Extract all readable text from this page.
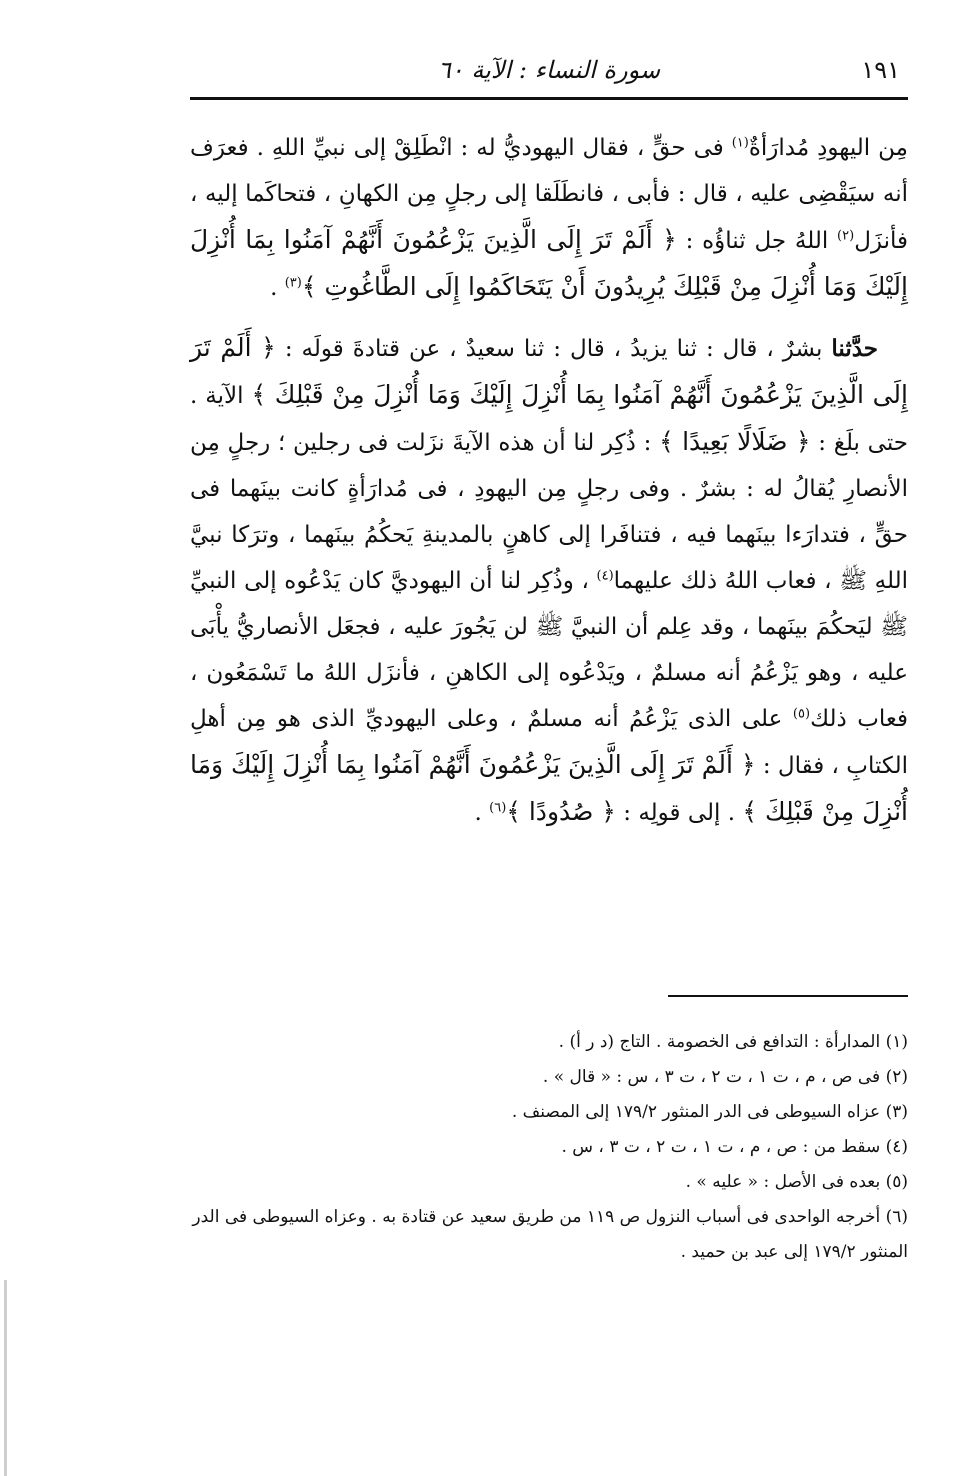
سورة النساء : الآية ٦٠	١٩١

مِن اليهودِ مُدارَأةٌ$^{(١)}$ فى حقٍّ ، فقال اليهوديُّ له : انْطَلِقْ إلى نبيِّ اللهِ . فعرَف أنه سيَقْضِى عليه ، قال : فأبى ، فانطَلَقا إلى رجلٍ مِن الكهانِ ، فتحاكَما إليه ، فأنزَل$^{(٢)}$ اللهُ جل ثناؤُه : ﴿ أَلَمْ تَرَ إِلَى الَّذِينَ يَزْعُمُونَ أَنَّهُمْ آمَنُوا بِمَا أُنْزِلَ إِلَيْكَ وَمَا أُنْزِلَ مِنْ قَبْلِكَ يُرِيدُونَ أَنْ يَتَحَاكَمُوا إِلَى الطَّاغُوتِ ﴾$^{(٣)}$ .

حدَّثنا بشرٌ ، قال : ثنا يزيدُ ، قال : ثنا سعيدٌ ، عن قتادةَ قولَه : ﴿ أَلَمْ تَرَ إِلَى الَّذِينَ يَزْعُمُونَ أَنَّهُمْ آمَنُوا بِمَا أُنْزِلَ إِلَيْكَ وَمَا أُنْزِلَ مِنْ قَبْلِكَ ﴾ الآية . حتى بلَغ : ﴿ ضَلَالًا بَعِيدًا ﴾ : ذُكِر لنا أن هذه الآيةَ نزَلت فى رجلين ؛ رجلٍ مِن الأنصارِ يُقالُ له : بشرٌ . وفى رجلٍ مِن اليهودِ ، فى مُدارَأةٍ كانت بينَهما فى حقٍّ ، فتدارَءا بينَهما فيه ، فتنافَرا إلى كاهنٍ بالمدينةِ يَحكُمُ بينَهما ، وترَكا نبيَّ اللهِ ﷺ ، فعاب اللهُ ذلك عليهما$^{(٤)}$ ، وذُكِر لنا أن اليهوديَّ كان يَدْعُوه إلى النبيِّ ﷺ ليَحكُمَ بينَهما ، وقد عِلم أن النبيَّ ﷺ لن يَجُورَ عليه ، فجعَل الأنصاريُّ يأْبَى عليه ، وهو يَزْعُمُ أنه مسلمٌ ، ويَدْعُوه إلى الكاهنِ ، فأنزَل اللهُ ما تَسْمَعُون ، فعاب ذلك$^{(٥)}$ على الذى يَزْعُمُ أنه مسلمٌ ، وعلى اليهوديِّ الذى هو مِن أهلِ الكتابِ ، فقال : ﴿ أَلَمْ تَرَ إِلَى الَّذِينَ يَزْعُمُونَ أَنَّهُمْ آمَنُوا بِمَا أُنْزِلَ إِلَيْكَ وَمَا أُنْزِلَ مِنْ قَبْلِكَ ﴾ . إلى قولِه : ﴿ صُدُودًا ﴾$^{(٦)}$ .

(١) المدارأة : التدافع فى الخصومة . التاج (د ر أ) .

(٢) فى ص ، م ، ت ١ ، ت ٢ ، ت ٣ ، س : « قال » .

(٣) عزاه السيوطى فى الدر المنثور ١٧٩/٢ إلى المصنف .

(٤) سقط من : ص ، م ، ت ١ ، ت ٢ ، ت ٣ ، س .

(٥) بعده فى الأصل : « عليه » .

(٦) أخرجه الواحدى فى أسباب النزول ص ١١٩ من طريق سعيد عن قتادة به . وعزاه السيوطى فى الدر المنثور ١٧٩/٢ إلى عبد بن حميد .
